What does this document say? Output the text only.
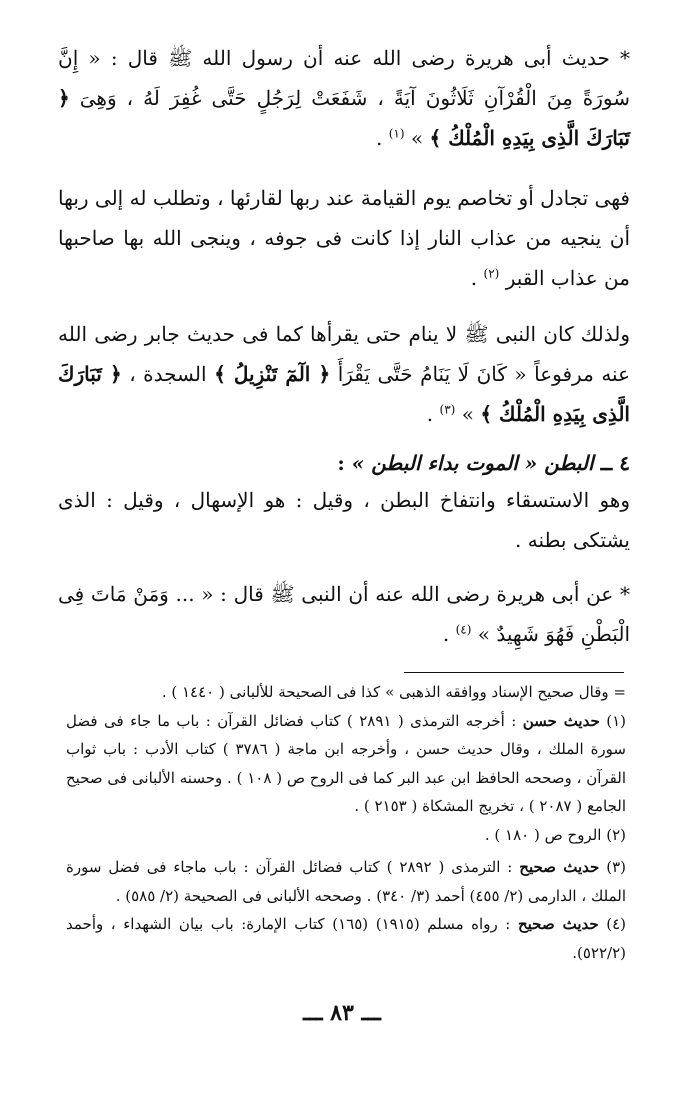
* حديث أبى هريرة رضى الله عنه أن رسول الله ﷺ قال : « إِنَّ سُورَةً مِنَ الْقُرْآنِ ثَلَاثُونَ آيَةً ، شَفَعَتْ لِرَجُلٍ حَتَّى غُفِرَ لَهُ ، وَهِىَ ﴿ تَبَارَكَ الَّذِى بِيَدِهِ الْمُلْكُ ﴾ » $^{(١)}$ .
فهى تجادل أو تخاصم يوم القيامة عند ربها لقارئها ، وتطلب له إلى ربها أن ينجيه من عذاب النار إذا كانت فى جوفه ، وينجى الله بها صاحبها من عذاب القبر $^{(٢)}$ .
ولذلك كان النبى ﷺ لا ينام حتى يقرأها كما فى حديث جابر رضى الله عنه مرفوعاً « كَانَ لَا يَنَامُ حَتَّى يَقْرَأَ ﴿ الٓمٓ تَنْزِيلُ ﴾ السجدة ، ﴿ تَبَارَكَ الَّذِى بِيَدِهِ الْمُلْكُ ﴾ » $^{(٣)}$ .
٤ ــ البطن « الموت بداء البطن » :
وهو الاستسقاء وانتفاخ البطن ، وقيل : هو الإسهال ، وقيل : الذى يشتكى بطنه .
* عن أبى هريرة رضى الله عنه أن النبى ﷺ قال : « ... وَمَنْ مَاتَ فِى الْبَطْنِ فَهُوَ شَهِيدٌ » $^{(٤)}$ .

= وقال صحيح الإسناد ووافقه الذهبى » كذا فى الصحيحة للألبانى ( ١٤٤٠ ) .

(١) حديث حسن : أخرجه الترمذى ( ٢٨٩١ ) كتاب فضائل القرآن : باب ما جاء فى فضل سورة الملك ، وقال حديث حسن ، وأخرجه ابن ماجة ( ٣٧٨٦ ) كتاب الأدب : باب ثواب القرآن ، وصححه الحافظ ابن عبد البر كما فى الروح ص ( ١٠٨ ) . وحسنه الألبانى فى صحيح الجامع ( ٢٠٨٧ ) ، تخريج المشكاة ( ٢١٥٣ ) .

(٢) الروح ص ( ١٨٠ ) .

(٣) حديث صحيح : الترمذى ( ٢٨٩٢ ) كتاب فضائل القرآن : باب ماجاء فى فضل سورة الملك ، الدارمى (٢/ ٤٥٥) أحمد (٣/ ٣٤٠) . وصححه الألبانى فى الصحيحة (٢/ ٥٨٥) .

(٤) حديث صحيح : رواه مسلم (١٩١٥) (١٦٥) كتاب الإمارة: باب بيان الشهداء ، وأحمد (٥٢٢/٢).

ـــ ٨٣ ـــ
